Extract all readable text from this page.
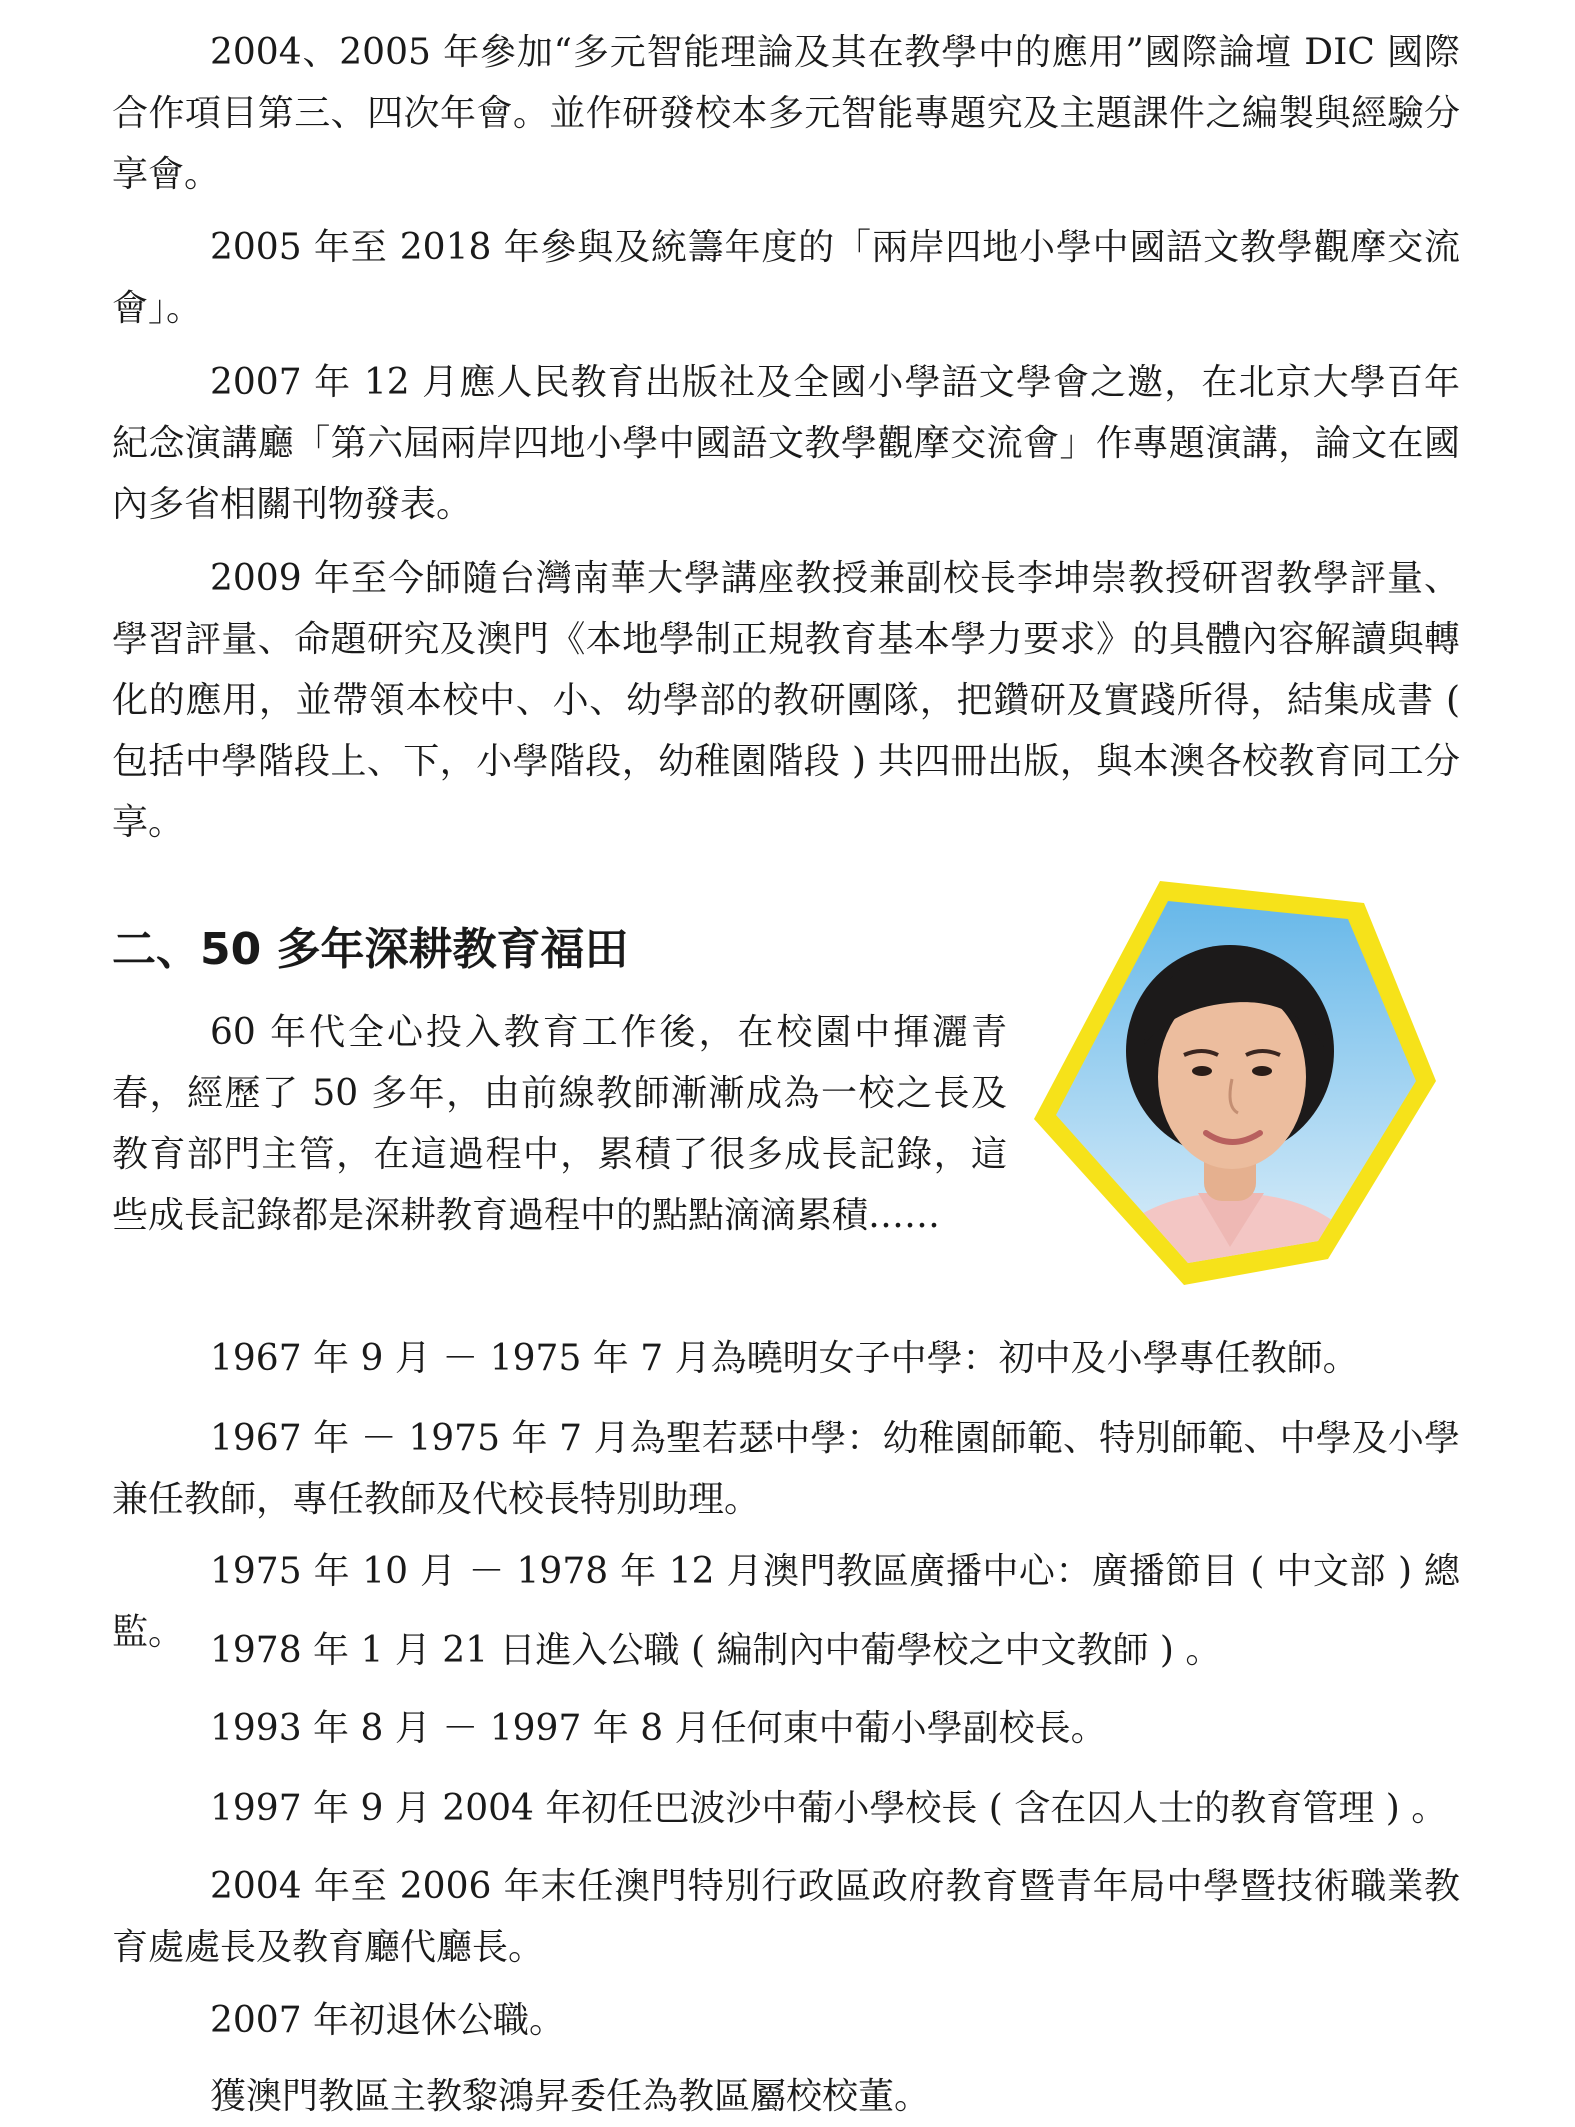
2004、2005 年參加“多元智能理論及其在教學中的應用”國際論壇 DIC 國際合作項目第三、四次年會。並作研發校本多元智能專題究及主題課件之編製與經驗分享會。

2005 年至 2018 年參與及統籌年度的「兩岸四地小學中國語文教學觀摩交流會」。

2007 年 12 月應人民教育出版社及全國小學語文學會之邀，在北京大學百年紀念演講廳「第六屆兩岸四地小學中國語文教學觀摩交流會」作專題演講，論文在國內多省相關刊物發表。

2009 年至今師隨台灣南華大學講座教授兼副校長李坤崇教授研習教學評量、學習評量、命題研究及澳門《本地學制正規教育基本學力要求》的具體內容解讀與轉化的應用，並帶領本校中、小、幼學部的教研團隊，把鑽研及實踐所得，結集成書 ( 包括中學階段上、下，小學階段，幼稚園階段 ) 共四冊出版，與本澳各校教育同工分享。

二、50 多年深耕教育福田

60 年代全心投入教育工作後，在校園中揮灑青春，經歷了 50 多年，由前線教師漸漸成為一校之長及教育部門主管，在這過程中，累積了很多成長記錄，這些成長記錄都是深耕教育過程中的點點滴滴累積……

1967 年 9 月 － 1975 年 7 月為曉明女子中學：初中及小學專任教師。

1967 年 － 1975 年 7 月為聖若瑟中學：幼稚園師範、特別師範、中學及小學兼任教師，專任教師及代校長特別助理。

1975 年 10 月 － 1978 年 12 月澳門教區廣播中心：廣播節目 ( 中文部 ) 總監。 1978 年 1 月 21 日進入公職 ( 編制內中葡學校之中文教師 ) 。

1993 年 8 月 － 1997 年 8 月任何東中葡小學副校長。

1997 年 9 月 2004 年初任巴波沙中葡小學校長 ( 含在囚人士的教育管理 ) 。

2004 年至 2006 年末任澳門特別行政區政府教育暨青年局中學暨技術職業教育處處長及教育廳代廳長。

2007 年初退休公職。

獲澳門教區主教黎鴻昇委任為教區屬校校董。
